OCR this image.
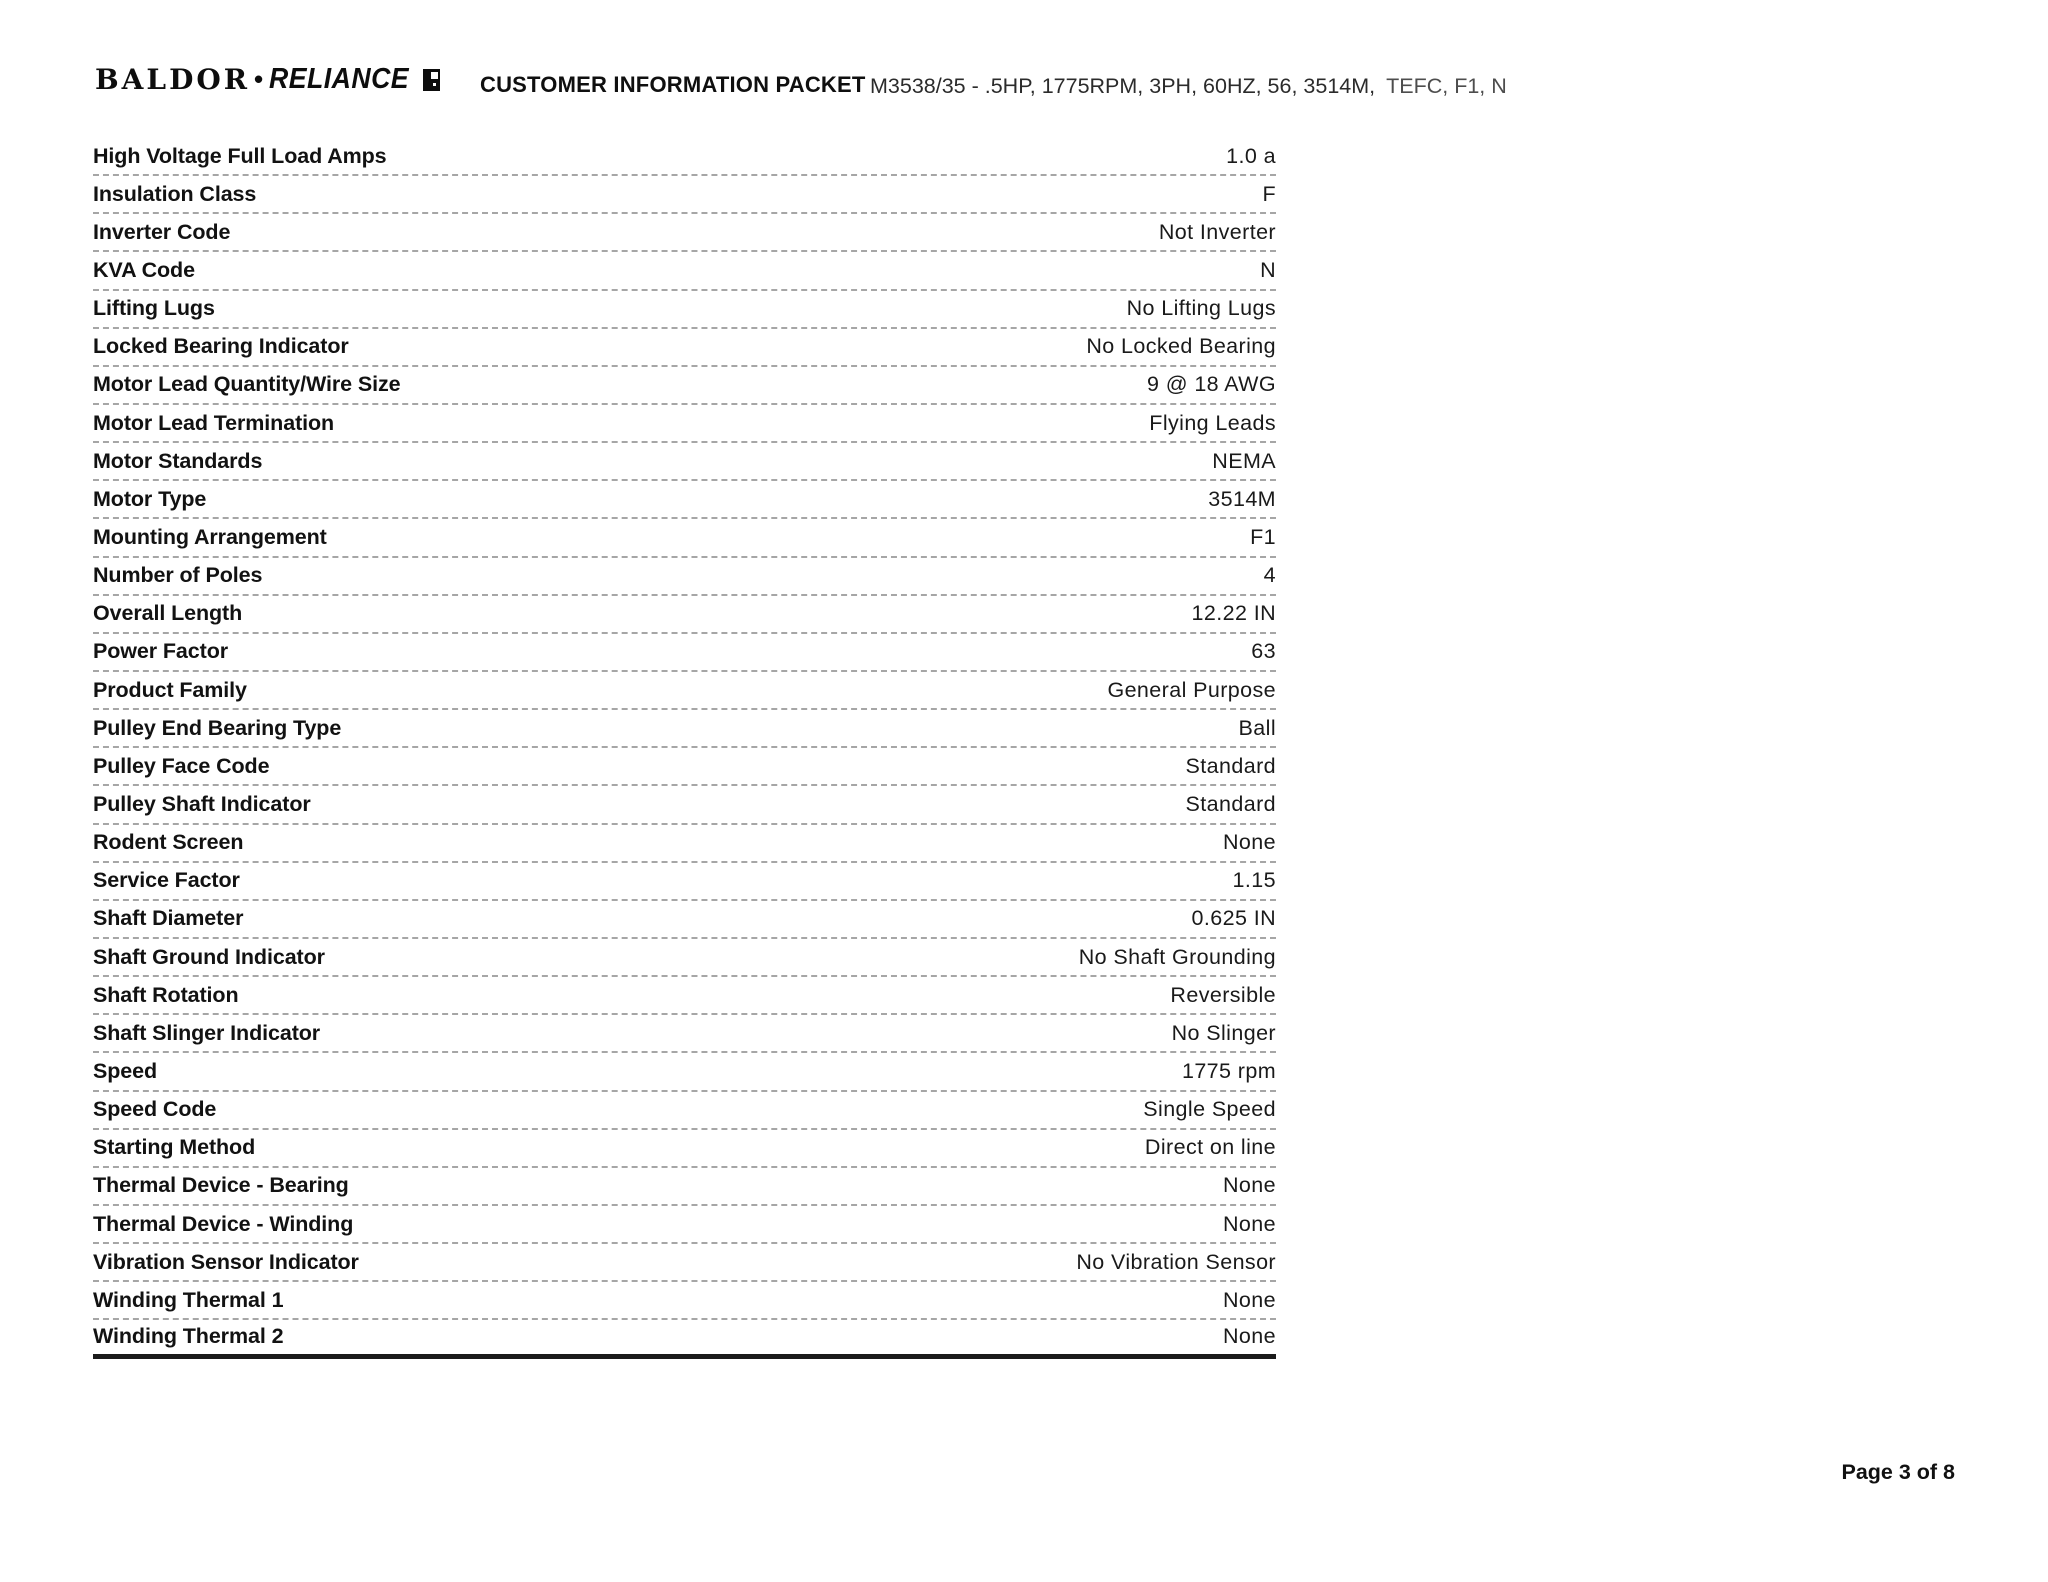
BALDOR • RELIANCE	CUSTOMER INFORMATION PACKET M3538/35 - .5HP, 1775RPM, 3PH, 60HZ, 56, 3514M, TEFC, F1, N
High Voltage Full Load Amps	1.0 a
Insulation Class	F
Inverter Code	Not Inverter
KVA Code	N
Lifting Lugs	No Lifting Lugs
Locked Bearing Indicator	No Locked Bearing
Motor Lead Quantity/Wire Size	9 @ 18 AWG
Motor Lead Termination	Flying Leads
Motor Standards	NEMA
Motor Type	3514M
Mounting Arrangement	F1
Number of Poles	4
Overall Length	12.22 IN
Power Factor	63
Product Family	General Purpose
Pulley End Bearing Type	Ball
Pulley Face Code	Standard
Pulley Shaft Indicator	Standard
Rodent Screen	None
Service Factor	1.15
Shaft Diameter	0.625 IN
Shaft Ground Indicator	No Shaft Grounding
Shaft Rotation	Reversible
Shaft Slinger Indicator	No Slinger
Speed	1775 rpm
Speed Code	Single Speed
Starting Method	Direct on line
Thermal Device - Bearing	None
Thermal Device - Winding	None
Vibration Sensor Indicator	No Vibration Sensor
Winding Thermal 1	None
Winding Thermal 2	None
Page 3 of 8
